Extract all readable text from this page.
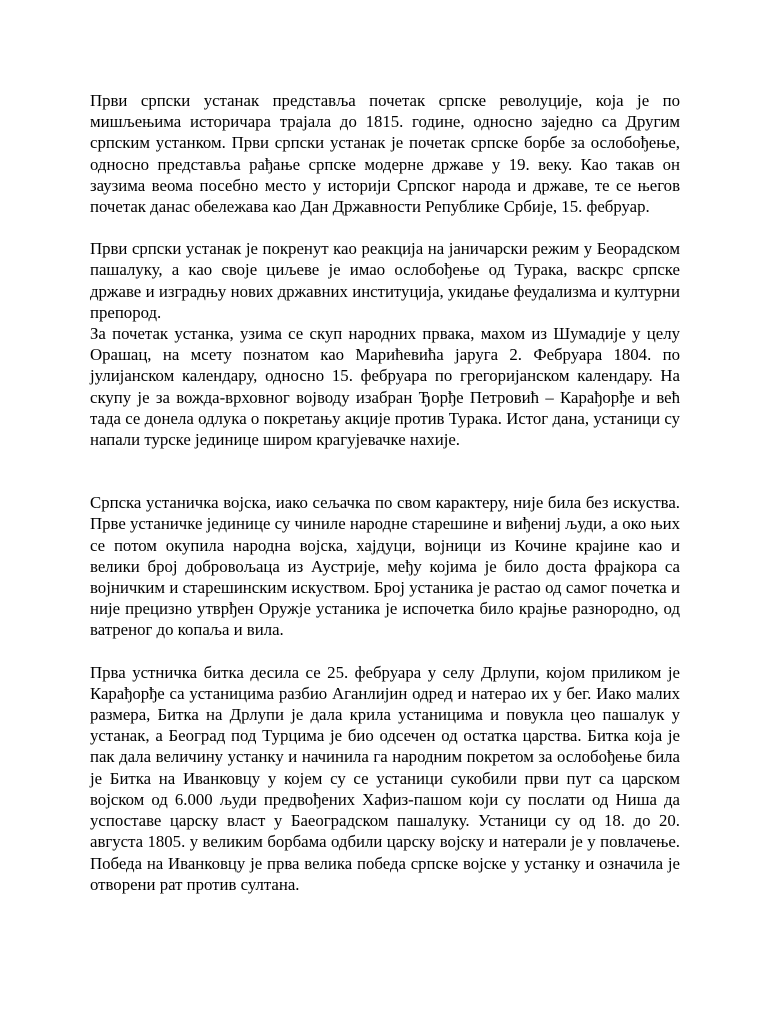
Први српски устанак представља почетак српске револуције, која је по мишљењима историчара трајала до 1815. године, односно заједно са Другим српским устанком. Први српски устанак је почетак српске борбе за ослобођење, односно представља рађање српске модерне државе у 19. веку. Као такав он заузима веома посебно место у историји Српског народа и државе, те се његов почетак данас обележава као Дан Државности Републике Србије, 15. фебруар.

Први српски устанак је покренут као реакција на јаничарски режим у Беорадском пашалуку, а као своје циљеве је имао ослобођење од Турака, васкрс српске државе и изградњу нових државних институција, укидање феудализма и културни препород.

За почетак устанка, узима се скуп народних првака, махом из Шумадије у целу Орашац, на мсету познатом као Марићевића јаруга 2. Фебруара 1804. по јулијанском календару, односно 15. фебруара по грегоријанском календару. На скупу је за вожда-врховног војводу изабран Ђорђе Петровић – Карађорђе и већ тада се донела одлука о покретању акције против Турака. Истог дана, устаници су напали турске јединице широм крагујевачке нахије.

Српска устаничка војска, иако сељачка по свом карактеру, није била без искуства. Прве устаничке јединице су чиниле народне старешине и виђениј људи, а око њих се потом окупила народна војска, хајдуци, војници из Кочине крајине као и велики број добровољаца из Аустрије, међу којима је било доста фрајкора са војничким и старешинским искуством. Број устаника је растао од самог почетка и није прецизно утврђен Оружје устаника је испочетка било крајње разнородно, од ватреног до копаља и вила.

Прва устничка битка десила се 25. фебруара у селу Дрлупи, којом приликом је Карађорђе са устаницима разбио Аганлијин одред и натерао их у бег. Иако малих размера, Битка на Дрлупи је дала крила устаницима и повукла цео пашалук у устанак, а Београд под Турцима је био одсечен од остатка царства. Битка која је пак дала величину устанку и начинила га народним покретом за ослобођење била је Битка на Иванковцу у којем су се устаници сукобили први пут са царском војском од 6.000 људи предвођених Хафиз-пашом који су послати од Ниша да успоставе царску власт у Баеоградском пашалуку. Устаници су од 18. до 20. августа 1805. у великим борбама одбили царску војску и натерали је у повлачење. Победа на Иванковцу је прва велика победа српске војске у устанку и означила је отворени рат против султана.
